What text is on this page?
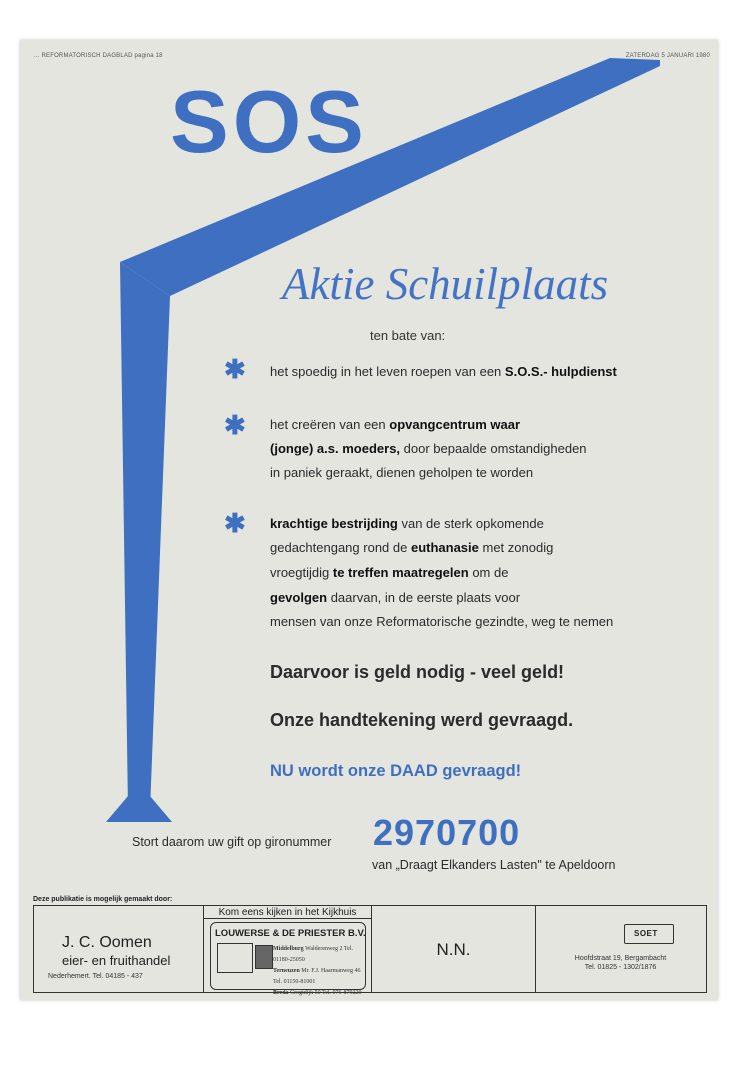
... REFORMATORISCH DAGBLAD pagina 18	ZATERDAG 5 JANUARI 1980
SOS
Aktie Schuilplaats
ten bate van:
✱
✱
✱
het spoedig in het leven roepen van een S.O.S.- hulpdienst
het creëren van een opvangcentrum waar
(jonge) a.s. moeders, door bepaalde omstandigheden
in paniek geraakt, dienen geholpen te worden
krachtige bestrijding van de sterk opkomende
gedachtengang rond de euthanasie met zonodig
vroegtijdig te treffen maatregelen om de
gevolgen daarvan, in de eerste plaats voor
mensen van onze Reformatorische gezindte, weg te nemen
Daarvoor is geld nodig - veel geld!
Onze handtekening werd gevraagd.
NU wordt onze DAAD gevraagd!
Stort daarom uw gift op gironummer 2970700
van „Draagt Elkanders Lasten" te Apeldoorn
Deze publikatie is mogelijk gemaakt door:
J. C. Oomen
eier- en fruithandel
Nederhemert. Tel. 04185 - 437
Kom eens kijken in het Kijkhuis
LOUWERSE & DE PRIESTER B.V.
Middelburg Walderenweg 2 Tel. 01180-25050
Terneuzen Mr. F.J. Haarmanweg 46 Tel. 01150-81001
Breda Crogtdijk 50 Tel. 076-879220
N.N.
SOET
Hoofdstraat 19, Bergambacht
Tel. 01825 - 1302/1876
